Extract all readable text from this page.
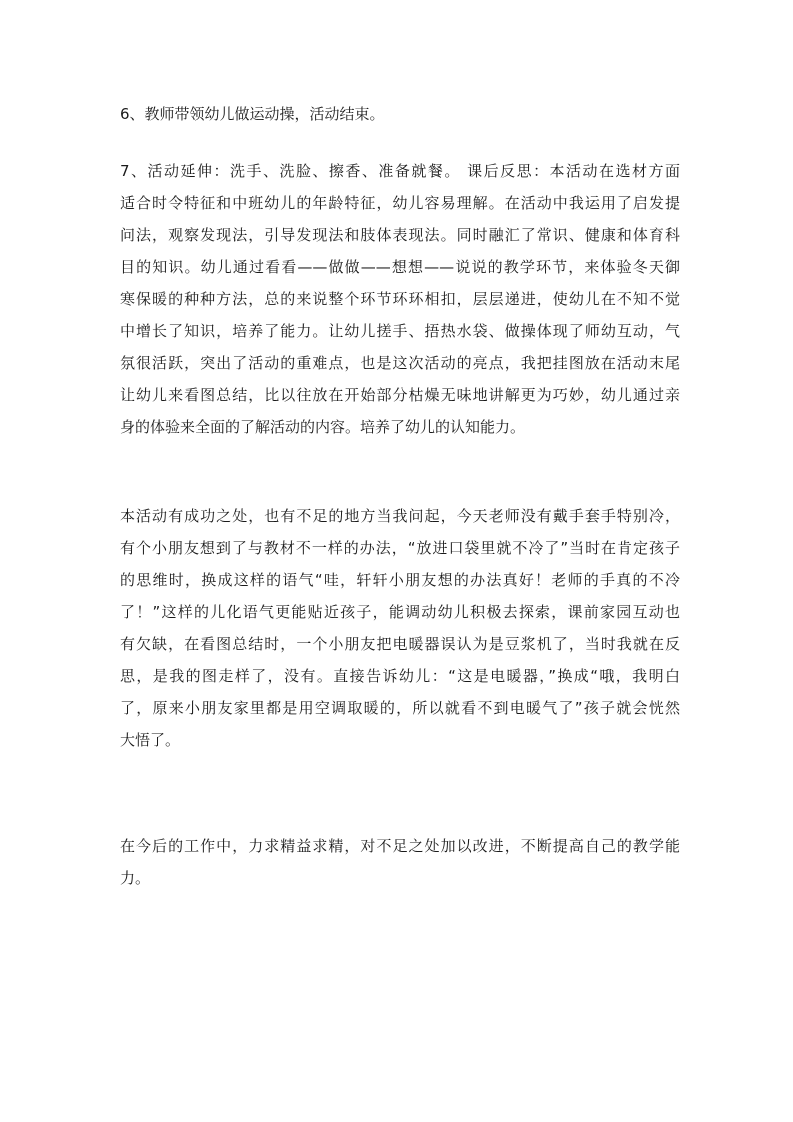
6、教师带领幼儿做运动操，活动结束。
7、活动延伸：洗手、洗脸、擦香、准备就餐。 课后反思：本活动在选材方面
适合时令特征和中班幼儿的年龄特征，幼儿容易理解。在活动中我运用了启发提
问法，观察发现法，引导发现法和肢体表现法。同时融汇了常识、健康和体育科
目的知识。幼儿通过看看——做做——想想——说说的教学环节，来体验冬天御
寒保暖的种种方法，总的来说整个环节环环相扣，层层递进，使幼儿在不知不觉
中增长了知识，培养了能力。让幼儿搓手、捂热水袋、做操体现了师幼互动，气
氛很活跃，突出了活动的重难点，也是这次活动的亮点，我把挂图放在活动末尾
让幼儿来看图总结，比以往放在开始部分枯燥无味地讲解更为巧妙，幼儿通过亲
身的体验来全面的了解活动的内容。培养了幼儿的认知能力。
本活动有成功之处，也有不足的地方当我问起，今天老师没有戴手套手特别冷，
有个小朋友想到了与教材不一样的办法，“放进口袋里就不冷了”当时在肯定孩子
的思维时，换成这样的语气“哇，轩轩小朋友想的办法真好！老师的手真的不冷
了！”这样的儿化语气更能贴近孩子，能调动幼儿积极去探索，课前家园互动也
有欠缺，在看图总结时，一个小朋友把电暖器误认为是豆浆机了，当时我就在反
思，是我的图走样了，没有。直接告诉幼儿：“这是电暖器，”换成“哦，我明白
了，原来小朋友家里都是用空调取暖的，所以就看不到电暖气了”孩子就会恍然
大悟了。
在今后的工作中，力求精益求精，对不足之处加以改进，不断提高自己的教学能
力。
